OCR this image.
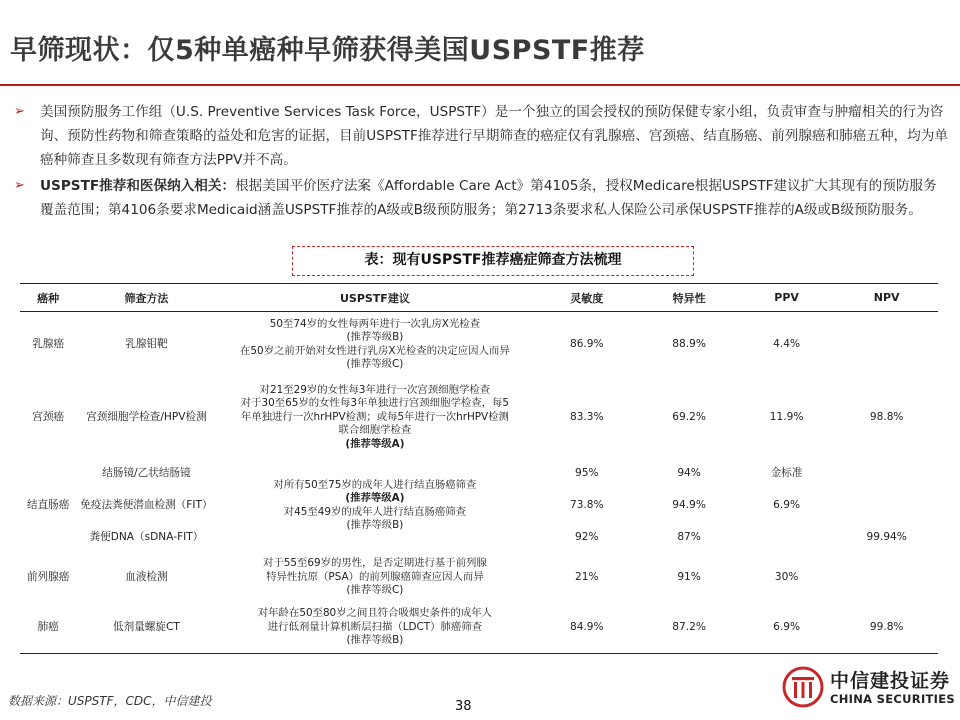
早筛现状：仅5种单癌种早筛获得美国USPSTF推荐
➢ 美国预防服务工作组（U.S. Preventive Services Task Force，USPSTF）是一个独立的国会授权的预防保健专家小组，负责审查与肿瘤相关的行为咨询、预防性药物和筛查策略的益处和危害的证据，目前USPSTF推荐进行早期筛查的癌症仅有乳腺癌、宫颈癌、结直肠癌、前列腺癌和肺癌五种，均为单癌种筛查且多数现有筛查方法PPV并不高。
➢ USPSTF推荐和医保纳入相关：根据美国平价医疗法案《Affordable Care Act》第4105条，授权Medicare根据USPSTF建议扩大其现有的预防服务覆盖范围；第4106条要求Medicaid涵盖USPSTF推荐的A级或B级预防服务；第2713条要求私人保险公司承保USPSTF推荐的A级或B级预防服务。
表：现有USPSTF推荐癌症筛查方法梳理
癌种	筛查方法	USPSTF建议	灵敏度	特异性	PPV	NPV
乳腺癌	乳腺钼靶	50至74岁的女性每两年进行一次乳房X光检查
(推荐等级B)
在50岁之前开始对女性进行乳房X光检查的决定应因人而异
(推荐等级C)	86.9%	88.9%	4.4%	
宫颈癌	宫颈细胞学检查/HPV检测	对21至29岁的女性每3年进行一次宫颈细胞学检查
对于30至65岁的女性每3年单独进行宫颈细胞学检查，每5年单独进行一次hrHPV检测；或每5年进行一次hrHPV检测联合细胞学检查
(推荐等级A)	83.3%	69.2%	11.9%	98.8%
结直肠癌	结肠镜/乙状结肠镜	对所有50至75岁的成年人进行结直肠癌筛查
(推荐等级A)
对45至49岁的成年人进行结直肠癌筛查
(推荐等级B)	95%	94%	金标准	
	免疫法粪便潜血检测（FIT）		73.8%	94.9%	6.9%	
	粪便DNA（sDNA-FIT）		92%	87%		99.94%
前列腺癌	血液检测	对于55至69岁的男性，是否定期进行基于前列腺特异性抗原（PSA）的前列腺癌筛查应因人而异
(推荐等级C)	21%	91%	30%	
肺癌	低剂量螺旋CT	对年龄在50至80岁之间且符合吸烟史条件的成年人进行低剂量计算机断层扫描（LDCT）肺癌筛查
(推荐等级B)	84.9%	87.2%	6.9%	99.8%
数据来源：USPSTF，CDC，中信建投	38
中信建投证券
CHINA SECURITIES
